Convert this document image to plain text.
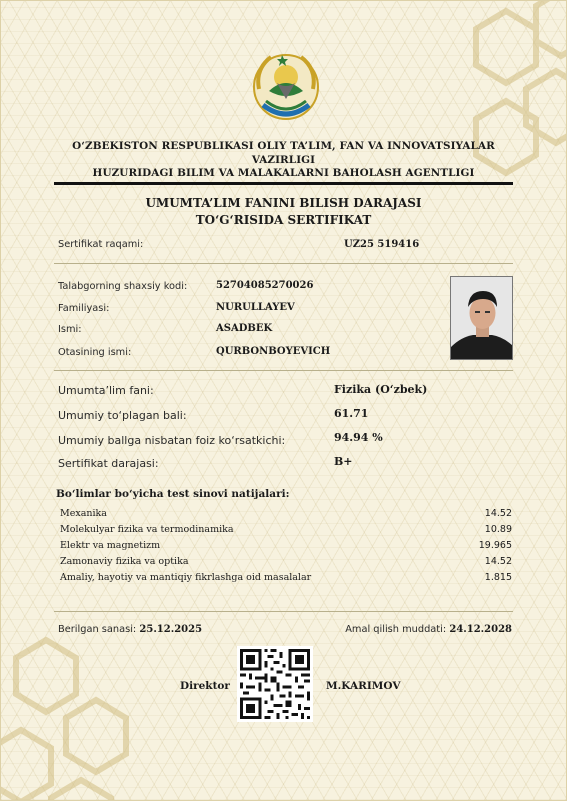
O‘ZBEKISTON RESPUBLIKASI OLIY TA’LIM, FAN VA INNOVATSIYALAR VAZIRLIGI
HUZURIDAGI BILIM VA MALAKALARNI BAHOLASH AGENTLIGI
UMUMTA’LIM FANINI BILISH DARAJASI
TO‘G‘RISIDA SERTIFIKAT
Sertifikat raqami:	UZ25 519416
Talabgorning shaxsiy kodi:	52704085270026
Familiyasi:	NURULLAYEV
Ismi:	ASADBEK
Otasining ismi:	QURBONBOYEVICH
Umumta’lim fani:	Fizika (O‘zbek)
Umumiy to‘plagan bali:	61.71
Umumiy ballga nisbatan foiz ko‘rsatkichi:	94.94 %
Sertifikat darajasi:	B+
Bo‘limlar bo‘yicha test sinovi natijalari:
Mexanika	14.52
Molekulyar fizika va termodinamika	10.89
Elektr va magnetizm	19.965
Zamonaviy fizika va optika	14.52
Amaliy, hayotiy va mantiqiy fikrlashga oid masalalar	1.815
Berilgan sanasi: 25.12.2025	Amal qilish muddati: 24.12.2028
Direktor	M.KARIMOV
